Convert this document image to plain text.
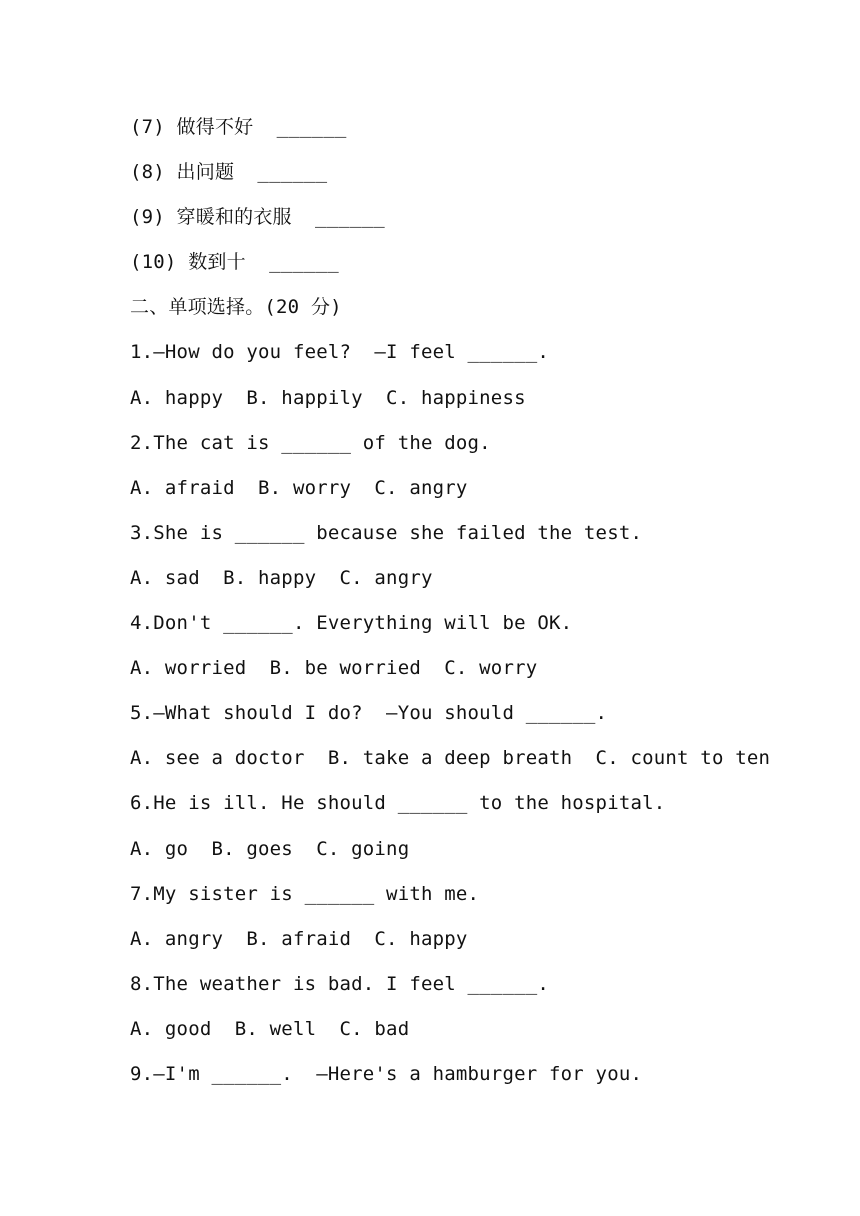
(7) 做得不好  ______
(8) 出问题  ______
(9) 穿暖和的衣服  ______
(10) 数到十  ______
二、单项选择。(20 分)
1.—How do you feel?  —I feel ______.
A. happy  B. happily  C. happiness
2.The cat is ______ of the dog.
A. afraid  B. worry  C. angry
3.She is ______ because she failed the test.
A. sad  B. happy  C. angry
4.Don't ______. Everything will be OK.
A. worried  B. be worried  C. worry
5.—What should I do?  —You should ______.
A. see a doctor  B. take a deep breath  C. count to ten
6.He is ill. He should ______ to the hospital.
A. go  B. goes  C. going
7.My sister is ______ with me.
A. angry  B. afraid  C. happy
8.The weather is bad. I feel ______.
A. good  B. well  C. bad
9.—I'm ______.  —Here's a hamburger for you.
